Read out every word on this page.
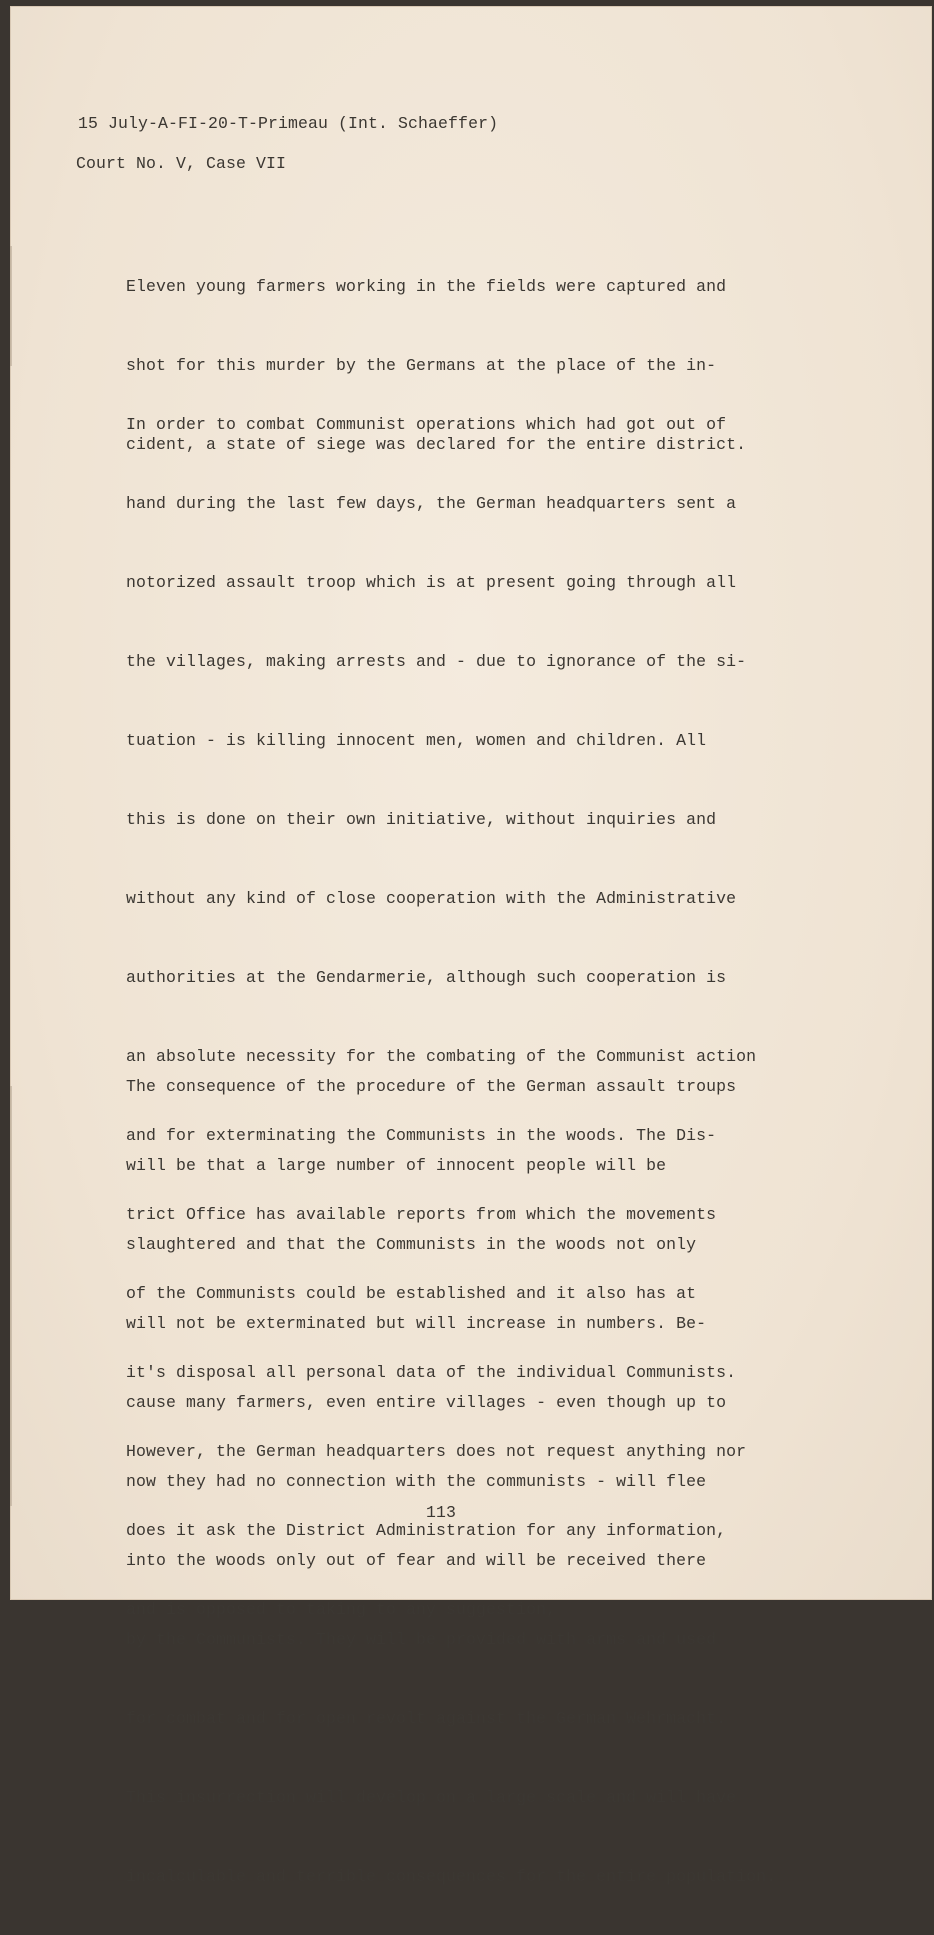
15 July-A-FI-20-T-Primeau (Int. Schaeffer)
Court No. V, Case VII

Eleven young farmers working in the fields were captured and

shot for this murder by the Germans at the place of the in-

cident, a state of siege was declared for the entire district.

In order to combat Communist operations which had got out of

hand during the last few days, the German headquarters sent a

notorized assault troop which is at present going through all

the villages, making arrests and - due to ignorance of the si-

tuation - is killing innocent men, women and children. All

this is done on their own initiative, without inquiries and

without any kind of close cooperation with the Administrative

authorities at the Gendarmerie, although such cooperation is

an absolute necessity for the combating of the Communist action

and for exterminating the Communists in the woods. The Dis-

trict Office has available reports from which the movements

of the Communists could be established and it also has at

it's disposal all personal data of the individual Communists.

However, the German headquarters does not request anything nor

does it ask the District Administration for any information,

and is opposed to taking to any suggestion,

The consequence of the procedure of the German assault troups

will be that a large number of innocent people will be

slaughtered and that the Communists in the woods not only

will not be exterminated but will increase in numbers. Be-

cause many farmers, even entire villages - even though up to

now they had no connection with the communists - will flee

into the woods only out of fear and will be received there

by the Communists. They will be provided with arms and used

for combat and for open revolt against the German Wehrmacht.

This insurrection will develop on a large scale and will have

incalculable and terrible consequences for the entire population.

113
